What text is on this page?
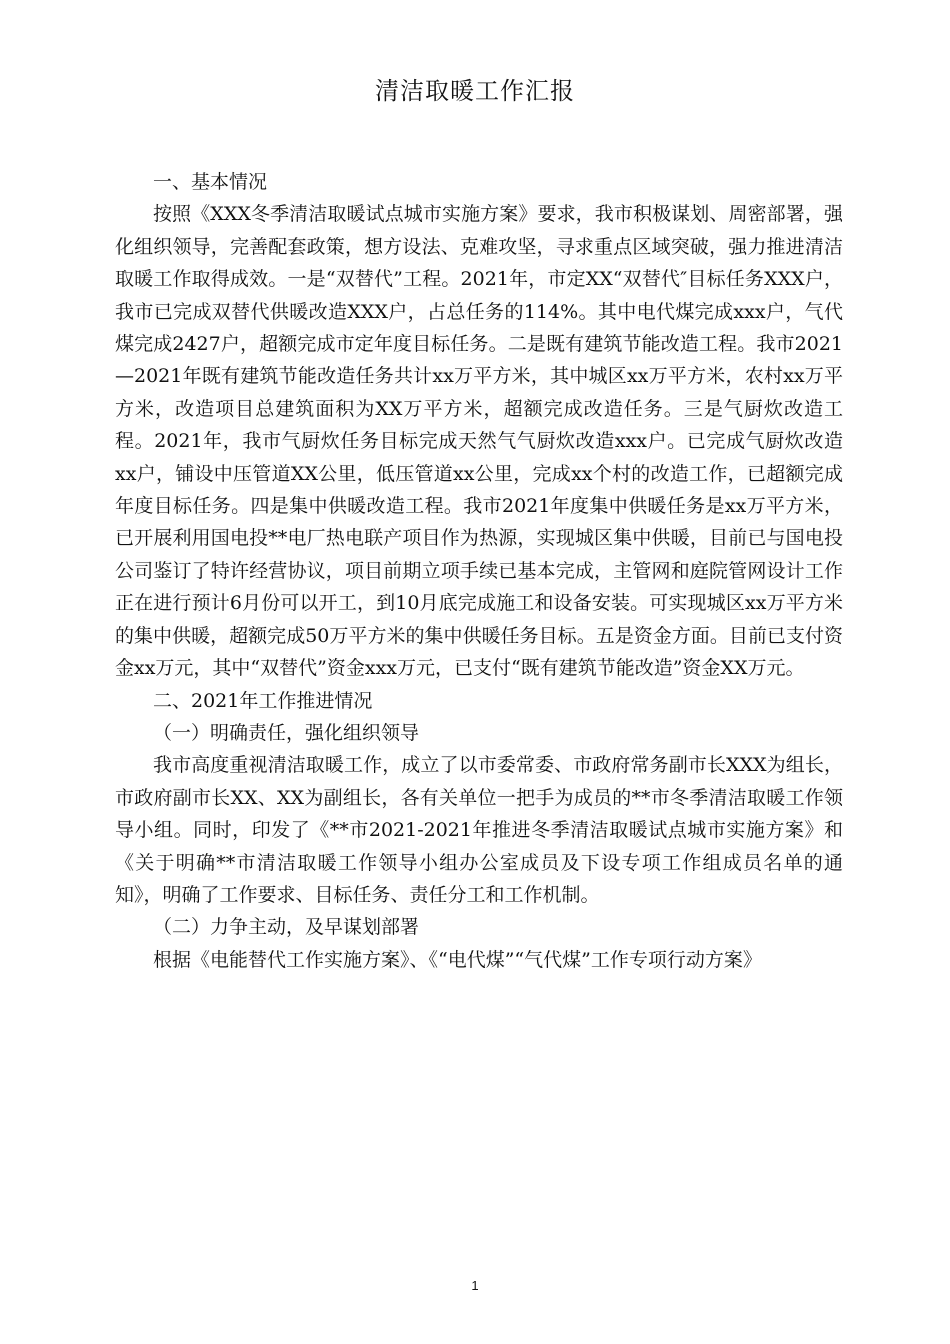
清洁取暖工作汇报

一、基本情况

按照《XXX冬季清洁取暖试点城市实施方案》要求，我市积极谋划、周密部署，强化组织领导，完善配套政策，想方设法、克难攻坚，寻求重点区域突破，强力推进清洁取暖工作取得成效。一是“双替代”工程。2021年，市定XX“双替代″目标任务XXX户，我市已完成双替代供暖改造XXX户，占总任务的114%。其中电代煤完成xxx户，气代煤完成2427户，超额完成市定年度目标任务。二是既有建筑节能改造工程。我市2021—2021年既有建筑节能改造任务共计xx万平方米，其中城区xx万平方米，农村xx万平方米，改造项目总建筑面积为XX万平方米，超额完成改造任务。三是气厨炊改造工程。2021年，我市气厨炊任务目标完成天然气气厨炊改造xxx户。已完成气厨炊改造xx户，铺设中压管道XX公里，低压管道xx公里，完成xx个村的改造工作，已超额完成年度目标任务。四是集中供暖改造工程。我市2021年度集中供暖任务是xx万平方米，已开展利用国电投**电厂热电联产项目作为热源，实现城区集中供暖，目前已与国电投公司鉴订了特许经营协议，项目前期立项手续已基本完成，主管网和庭院管网设计工作正在进行预计6月份可以开工，到10月底完成施工和设备安装。可实现城区xx万平方米的集中供暖，超额完成50万平方米的集中供暖任务目标。五是资金方面。目前已支付资金xx万元，其中“双替代”资金xxx万元，已支付“既有建筑节能改造”资金XX万元。

二、2021年工作推进情况

（一）明确责任，强化组织领导

我市高度重视清洁取暖工作，成立了以市委常委、市政府常务副市长XXX为组长，市政府副市长XX、XX为副组长，各有关单位一把手为成员的**市冬季清洁取暖工作领导小组。同时，印发了《**市2021-2021年推进冬季清洁取暖试点城市实施方案》和《关于明确**市清洁取暖工作领导小组办公室成员及下设专项工作组成员名单的通知》，明确了工作要求、目标任务、责任分工和工作机制。

（二）力争主动，及早谋划部署

根据《电能替代工作实施方案》、《“电代煤”“气代煤”工作专项行动方案》

1
